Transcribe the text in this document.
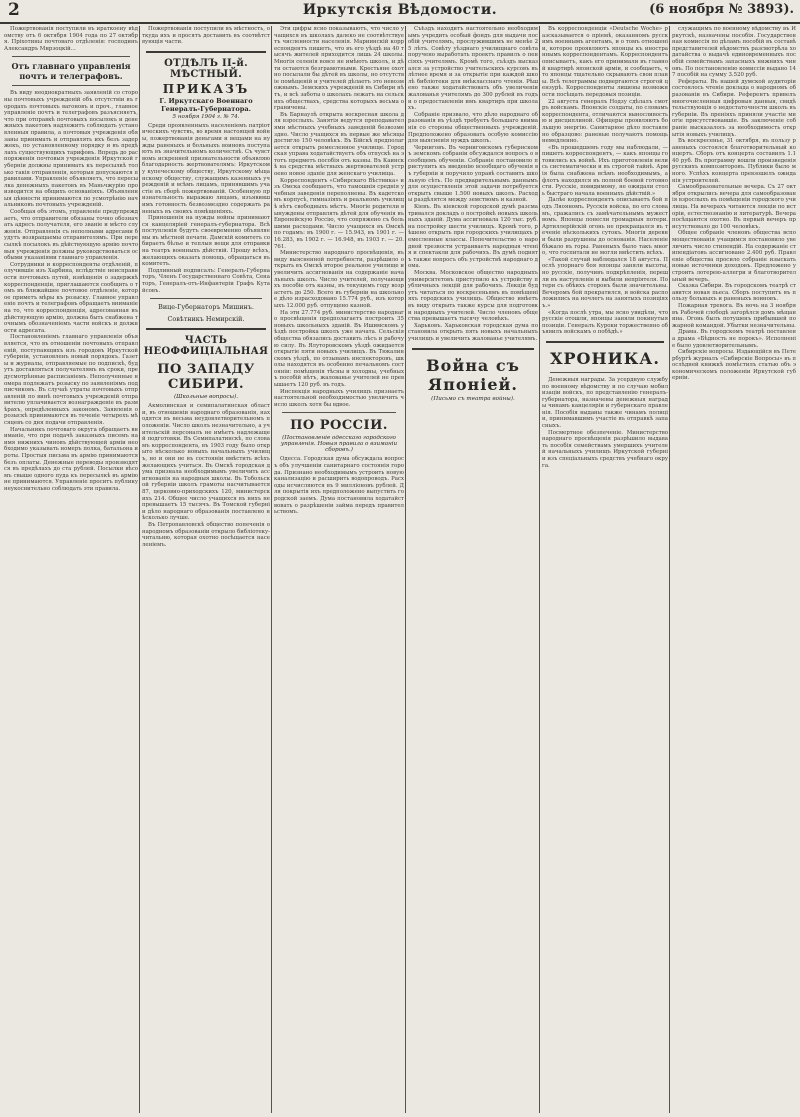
2	Иркутскія Вѣдомости.	(6 ноября № 3893).

Пожертвованія поступили въ ираткоеиу вѣдомству отъ 6 октября 1904 года по 27 октября. Пріхотины почтоваго отдѣленія: господинъ Александръ Мирзоцкій...

Отъ главнаго управленія почтъ и телеграфовъ.

Въ виду неоднократныхъ заявленій со стороны почтовыхъ учрежденій объ отсутствіи въ городахъ почтовыхъ вагоновъ и проч., главное управленіе почтъ и телеграфовъ разъясняетъ, что при отправкѣ почтовыхъ посылокъ и денежныхъ пакетовъ надлежитъ соблюдать установленныя правила, а почтовыя учрежденія обязаны принимать и отправлять ихъ безъ задержекъ, по установленному порядку и въ предѣлахъ существующихъ тарифовъ. Впредь до распоряженія почтовыя учрежденія Иркутской губерніи должны принимать къ пересылкѣ только такія отправленія, которыя допускаются правилами. Управленіе объявляетъ, что пересылка денежныхъ пакетовъ въ Маньчжурію производится на общихъ основаніяхъ. Объявленныя цѣнности принимаются по усмотрѣнію начальниковъ почтовыхъ учрежденій.

Сообщая объ этомъ, управленіе предупреждаетъ, что отправители обязаны точно обозначать адресъ получателя, его званіе и мѣсто служенія. Отправленія съ неполными адресами будутъ возвращаемы отправителямъ. При пересылкѣ посылокъ въ дѣйствующую армію почтовыя учрежденія должны руководствоваться особыми указаніями главнаго управленія.

Сотрудники и корреспонденты отдѣленій, получившіе изъ Харбина, вслѣдствіе неисправности почтовыхъ путей, извѣщенія о задержкѣ корреспонденціи, приглашаются сообщить о томъ въ ближайшее почтовое отдѣленіе, которое приметъ мѣры къ розыску. Главное управленіе почтъ и телеграфовъ обращаетъ вниманіе на то, что корреспонденція, адресованная въ дѣйствующую армію, должна быть снабжена точнымъ обозначеніемъ части войскъ и должности адресата.

Постановленіемъ главнаго управленія объявляется, что въ отношеніи почтовыхъ отправленій, поступающихъ изъ городовъ Иркутской губерніи, установленъ новый порядокъ. Газеты и журналы, отправляемые по подпискѣ, будутъ доставляться получателямъ въ сроки, предусмотрѣнные расписаніемъ. Неполученные номера подлежатъ розыску по заявленіямъ подписчиковъ. Въ случаѣ утраты почтовыхъ отправленій по винѣ почтовыхъ учрежденій отправителю уплачивается вознагражденіе въ размѣрахъ, опредѣленныхъ закономъ. Заявленія о розыскѣ принимаются въ теченіе четырехъ мѣсяцевъ со дня подачи отправленія.

Начальникъ почтоваго округа обращаетъ вниманіе, что при подачѣ заказныхъ писемъ на имя нижнихъ чиновъ дѣйствующей арміи необходимо указывать номеръ полка, батальона и роты. Простыя письма въ армію принимаются безъ оплаты. Денежные переводы производятся въ предѣлахъ до ста рублей. Посылки вѣсомъ свыше одного пуда къ пересылкѣ въ армію не принимаются. Управленіе проситъ публику неукоснительно соблюдать эти правила.

Пожертвованія поступили въ мѣстность, откуда ихъ и просятъ доставить въ соотвѣтствующія части.

ОТДѢЛЪ II-й. МѢСТНЫЙ.
ПРИКАЗЪ
Г. Иркутскаго Военнаго Генералъ-Губернатора.
5 ноября 1904 г. № 74.

Среди проявленныхъ населеніемъ патріотическихъ чувствъ, во время настоящей войны, пожертвованія деньгами и вещами на нужды раненыхъ и больныхъ воиновъ поступаютъ въ значительномъ количествѣ. Съ чувствомъ искренней признательности объявляю благодарность жертвователямъ: Иркутскому купеческому обществу, Иркутскому мѣщанскому обществу, служащимъ казенныхъ учрежденій и всѣмъ лицамъ, принявшимъ участіе въ сборѣ пожертвованій. Особенную признательность выражаю лицамъ, изъявившимъ готовность безвозмездно содержать раненыхъ въ своихъ помѣщеніяхъ.

Приношенія на нужды войны принимаются канцеляріей генералъ-губернатора. Всѣ поступленія будутъ своевременно объявляемы въ мѣстной печати. Дамскій комитетъ собираетъ бѣлье и теплыя вещи для отправки на театръ военныхъ дѣйствій. Прошу всѣхъ, желающихъ оказать помощь, обращаться въ комитетъ.

Подлинный подписалъ: Генералъ-Губернаторъ, Членъ Государственнаго Совѣта, Сенаторъ, Генералъ-отъ-Инфантеріи Графъ Кутайсовъ.

Вице-Губернаторъ Мишинъ.
Совѣтникъ Немирскій.
ЧАСТЬ НЕОФФИЦІАЛЬНАЯ
ПО ЗАПАДУ СИБИРИ.
(Школьные вопросы).

Акмолинская и семипалатинская области, въ отношеніи народнаго образованія, находятся въ весьма неудовлетворительномъ положеніи. Число школъ незначительно, а учительскій персоналъ не имѣетъ надлежащей подготовки. Въ Семипалатинскѣ, по словамъ корреспондента, въ 1903 году было открыто нѣсколько новыхъ начальныхъ училищъ, но и они не въ состояніи вмѣстить всѣхъ желающихъ учиться. Въ Омскѣ городская дума признала необходимымъ увеличить ассигнованія на народныя школы. Въ Тобольской губерніи школъ грамоты насчитывается 87, церковно-приходскихъ 120, министерскихъ 214. Общее число учащихся въ нихъ не превышаетъ 15 тысячъ. Въ Томской губерніи дѣло народнаго образованія поставлено нѣсколько лучше.

Въ Петропавловскѣ общество попеченія о народномъ образованіи открыло библіотеку-читальню, которая охотно посѣщается населеніемъ.

Эти цифры ясно показываютъ, что число учащихся въ школахъ далеко не соотвѣтствуетъ численности населенія. Мариинскій корреспондентъ пишетъ, что въ его уѣздѣ на 40 тысячъ жителей приходится лишь 24 школы. Многія селенія вовсе не имѣютъ школъ, и дѣти остаются безграмотными. Крестьяне охотно посылали бы дѣтей въ школы, но отсутствіе помѣщеній и учителей дѣлаетъ это невозможнымъ. Земскихъ учрежденій въ Сибири нѣтъ, и всѣ заботы о школахъ лежатъ на сельскихъ обществахъ, средства которыхъ весьма ограничены.

Въ Барнаулѣ открыта воскресная школа для взрослыхъ. Занятія ведутся преподавателями мѣстныхъ учебныхъ заведеній безвозмездно. Число учащихся въ первые же мѣсяцы достигло 150 человѣкъ. Въ Бійскѣ предполагается открыть ремесленное училище. Городская управа ходатайствуетъ объ отпускѣ на этотъ предметъ пособія отъ казны. Въ Каинскѣ на средства мѣстныхъ жертвователей устроено новое зданіе для женскаго училища.

Корреспондентъ «Сибирскаго Вѣстника» изъ Омска сообщаетъ, что тамошнія среднія учебныя заведенія переполнены. Въ кадетскомъ корпусѣ, гимназіяхъ и реальномъ училищѣ нѣтъ свободныхъ мѣстъ. Многіе родители вынуждены отправлять дѣтей для обученія въ Европейскую Россію, что сопряжено съ большими расходами. Число учащихся въ Омскѣ по годамъ: въ 1900 г. — 15.943, въ 1901 г. — 16.283, въ 1902 г. — 16.948, въ 1903 г. — 20.761.

Министерство народнаго просвѣщенія, въ виду выясненной потребности, разрѣшило открыть въ Омскѣ второе реальное училище и увеличить ассигнованія на содержаніе начальныхъ школъ. Число учителей, получающихъ пособіе отъ казны, въ текущемъ году возрастетъ до 250. Всего въ губерніи на школьное дѣло израсходовано 15.774 руб., изъ которыхъ 12.000 руб. отпущено казной.

На эти 27.774 руб. министерство народнаго просвѣщенія предполагаетъ построить 35 новыхъ школьныхъ зданій. Въ Ишимскомъ уѣздѣ постройка школъ уже начата. Сельскія общества обязались доставить лѣсъ и рабочую силу. Въ Ялуторовскомъ уѣздѣ ожидается открытіе пяти новыхъ училищъ. Въ Тюкалинскомъ уѣздѣ, по отзывамъ инспекторовъ, школы находятся въ особенно печальномъ состояніи: помѣщенія тѣсны и холодны, учебныхъ пособій нѣтъ, жалованье учителей не превышаетъ 120 руб. въ годъ.

Инспекція народныхъ училищъ признаетъ настоятельной необходимостью увеличить число школъ хотя бы вдвое.

ПО РОССІИ.
(Постановленіе одесскаго городского управленія. Новыя правила о взиманіи сборовъ.)

Одесса. Городская дума обсуждала вопросъ объ улучшеніи санитарнаго состоянія города. Признано необходимымъ устроить новую канализацію и расширить водопроводъ. Расходы исчисляются въ 9 милліоновъ рублей. Для покрытія ихъ предположено выпустить городской заемъ. Дума постановила ходатайствовать о разрѣшеніи займа передъ правительствомъ.

Съѣздъ находитъ настоятельно необходимымъ учредить особый фондъ для выдачи пособій учителямъ, прослужившимъ не менѣе 25 лѣтъ. Совѣту уѣзднаго училищнаго совѣта поручено выработать проектъ правилъ о пенсіяхъ учителямъ. Кромѣ того, съѣздъ высказался за устройство учительскихъ курсовъ въ лѣтнее время и за открытіе при каждой школѣ библіотеки для внѣкласснаго чтенія. Рѣшено также ходатайствовать объ увеличеніи жалованья учителямъ до 300 рублей въ годъ и о предоставленіи имъ квартиръ при школахъ.

Собраніе призвало, что дѣло народнаго образованія въ уѣздѣ требуетъ большаго вниманія со стороны общественныхъ учрежденій. Предположено образовать особую комиссію для выясненія нуждъ школъ.

Черниговъ. Въ черниговскомъ губернскомъ земскомъ собраніи обсуждался вопросъ о всеобщемъ обученіи. Собраніе постановило приступить къ введенію всеобщаго обученія въ губерніи и поручило управѣ составить школьную сѣть. По предварительнымъ даннымъ для осуществленія этой задачи потребуется открыть свыше 1.500 новыхъ школъ. Расходы раздѣлятся между земствомъ и казной.

Кіевъ. Въ кіевской городской думѣ разсматривался докладъ о постройкѣ новыхъ школьныхъ зданій. Дума ассигновала 120 тыс. руб. на постройку шести училищъ. Кромѣ того, рѣшено открыть при городскихъ училищахъ ремесленные классы. Попечительство о народной трезвости устраиваетъ народныя чтенія и спектакли для рабочихъ. Въ думѣ поднятъ также вопросъ объ устройствѣ народнаго дома.

Москва. Московское общество народныхъ университетовъ приступило къ устройству публичныхъ лекцій для рабочихъ. Лекціи будутъ читаться по воскресеньямъ въ помѣщеніяхъ городскихъ училищъ. Общество имѣетъ въ виду открыть также курсы для подготовки народныхъ учителей. Число членовъ общества превышаетъ тысячу человѣкъ.

Харьковъ. Харьковская городская дума постановила открыть пять новыхъ начальныхъ училищъ и увеличить жалованье учителямъ.

Война съ Японіей.
(Письмо съ театра войны).

Въ корреспонденціи «Deutsche Woche» разсказывается о пріемѣ, оказанномъ русскимъ военнымъ агентамъ, и о томъ отношеніи, которое проявляютъ японцы къ иностраннымъ корреспондентамъ. Корреспондентъ описываетъ, какъ его принимали въ главной квартирѣ японской арміи, и сообщаетъ, что японцы тщательно скрываютъ свои планы. Всѣ телеграммы подвергаются строгой цензурѣ. Корреспонденты лишены возможности посѣщать передовыя позиціи.

22 августа генералъ Нодзу сдѣлалъ смотръ войскамъ. Японскіе солдаты, по словамъ корреспондента, отличаются выносливостью и дисциплиной. Офицеры проявляютъ большую энергію. Санитарное дѣло поставлено образцово: раненые получаютъ помощь немедленно.

«Въ прошедшемъ году мы наблюдали, — пишетъ корреспондентъ, — какъ японцы готовились къ войнѣ. Ихъ приготовленія велись систематически и въ строгой тайнѣ. Армія была снабжена всѣмъ необходимымъ, а флотъ находился въ полной боевой готовности. Русскіе, повидимому, не ожидали столь быстраго начала военныхъ дѣйствій.»

Далѣе корреспондентъ описываетъ бой подъ Ляояномъ. Русскія войска, по его словамъ, сражались съ замѣчательнымъ мужествомъ. Японцы понесли громадныя потери. Артиллерійскій огонь не прекращался въ теченіе нѣсколькихъ сутокъ. Многія деревни были разрушены до основанія. Населеніе бѣжало въ горы. Раненыхъ было такъ много, что госпитали не могли вмѣстить всѣхъ.

«Такой случай наблюдался 18 августа. Послѣ упорнаго боя японцы заняли высоты, но русскіе, получивъ подкрѣпленія, перешли въ наступленіе и выбили непріятеля. Потери съ обѣихъ сторонъ были значительны. Вечеромъ бой прекратился, и войска расположились на ночлегъ на занятыхъ позиціяхъ.»

«Когда послѣ утра, мы ясно увидѣли, что русскіе отошли, японцы заняли покинутыя позиціи. Генералъ Куроки торжественно объявилъ войскамъ о побѣдѣ.»

ХРОНИКА.

Денежныя награды. За усердную службу по военному вѣдомству и по случаю мобилизаціи войскъ, по представленію генералъ-губернатора, назначены денежныя награды чинамъ канцеляріи и губернскаго правленія. Пособія выданы также чинамъ полиціи, принимавшимъ участіе въ отправкѣ запасныхъ.

Посмертное обезпеченіе. Министерство народнаго просвѣщенія разрѣшило выдавать пособія семействамъ умершихъ учителей начальныхъ училищъ Иркутской губерніи изъ спеціальныхъ средствъ учебнаго округа.

служащимъ по военному вѣдомству въ Иркутскѣ, назначены пособія. Государственная комиссія по дѣламъ пособій въ составѣ представителей вѣдомствъ разсмотрѣла ходатайства о выдачѣ единовременныхъ пособій семействамъ запасныхъ нижнихъ чиновъ. По постановленію комиссіи выдано 147 пособій на сумму 3.520 руб.

Рефераты. Въ нашей думской аудиторіи состоялось чтеніе доклада о народномъ образованіи въ Сибири. Референтъ привелъ многочисленныя цифровыя данныя, свидѣтельствующія о недостаточности школъ въ губерніи. Въ преніяхъ приняли участіе многіе присутствовавшіе. Въ заключеніе собраніе высказалось за необходимость открытія новыхъ училищъ.

Въ воскресенье, 31 октября, въ пользу раненыхъ состоялся благотворительный концертъ. Сборъ отъ концерта составилъ 1.140 руб. Въ программу вошли произведенія русскихъ композиторовъ. Публики было много. Успѣхъ концерта превзошелъ ожиданія устроителей.

Самообразовательные вечера. Съ 27 октября открылись вечера для самообразованія взрослыхъ въ помѣщеніи городского училища. На вечерахъ читаются лекціи по исторіи, естествознанію и литературѣ. Вечера посѣщаются охотно. Въ первый вечеръ присутствовало до 100 человѣкъ.

Общее собраніе членовъ общества вспомоществованія учащимся постановило увеличить число стипендій. На содержаніе стипендіатовъ ассигновано 2.400 руб. Правленіе общества просило собраніе изыскать новые источники доходовъ. Предложено устроить лотерею-аллегри и благотворительный вечеръ.

Сказка Сибири. Въ городскомъ театрѣ ставится новая пьеса. Сборъ поступитъ въ пользу больныхъ и раненыхъ воиновъ.

Пожарная тревога. Въ ночь на 3 ноября въ Рабочей слободѣ загорѣлся домъ мѣщанина. Огонь былъ потушенъ прибывшей пожарной командой. Убытки незначительны.

Драма. Въ городскомъ театрѣ поставлена драма «Бѣдность не порокъ». Исполненіе было удовлетворительнымъ.

Сибирскіе вопросы. Издающійся въ Петербургѣ журналъ «Сибирскіе Вопросы» въ послѣдней книжкѣ помѣстилъ статью объ экономическомъ положеніи Иркутской губерніи.
